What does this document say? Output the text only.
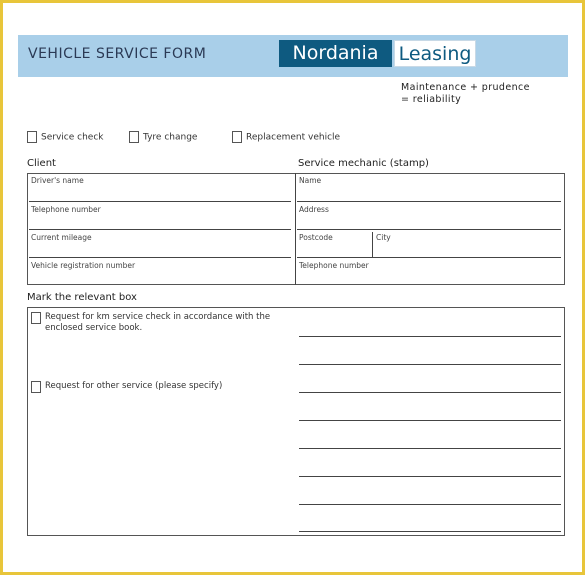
VEHICLE SERVICE FORM	Nordania	Leasing
Maintenance + prudence
= reliability
Service check	Tyre change	Replacement vehicle
Client	Service mechanic (stamp)
Driver's name
Telephone number
Current mileage
Vehicle registration number
Name
Address
Postcode	City
Telephone number
Mark the relevant box
Request for km service check in accordance with the
enclosed service book.
Request for other service (please specify)
